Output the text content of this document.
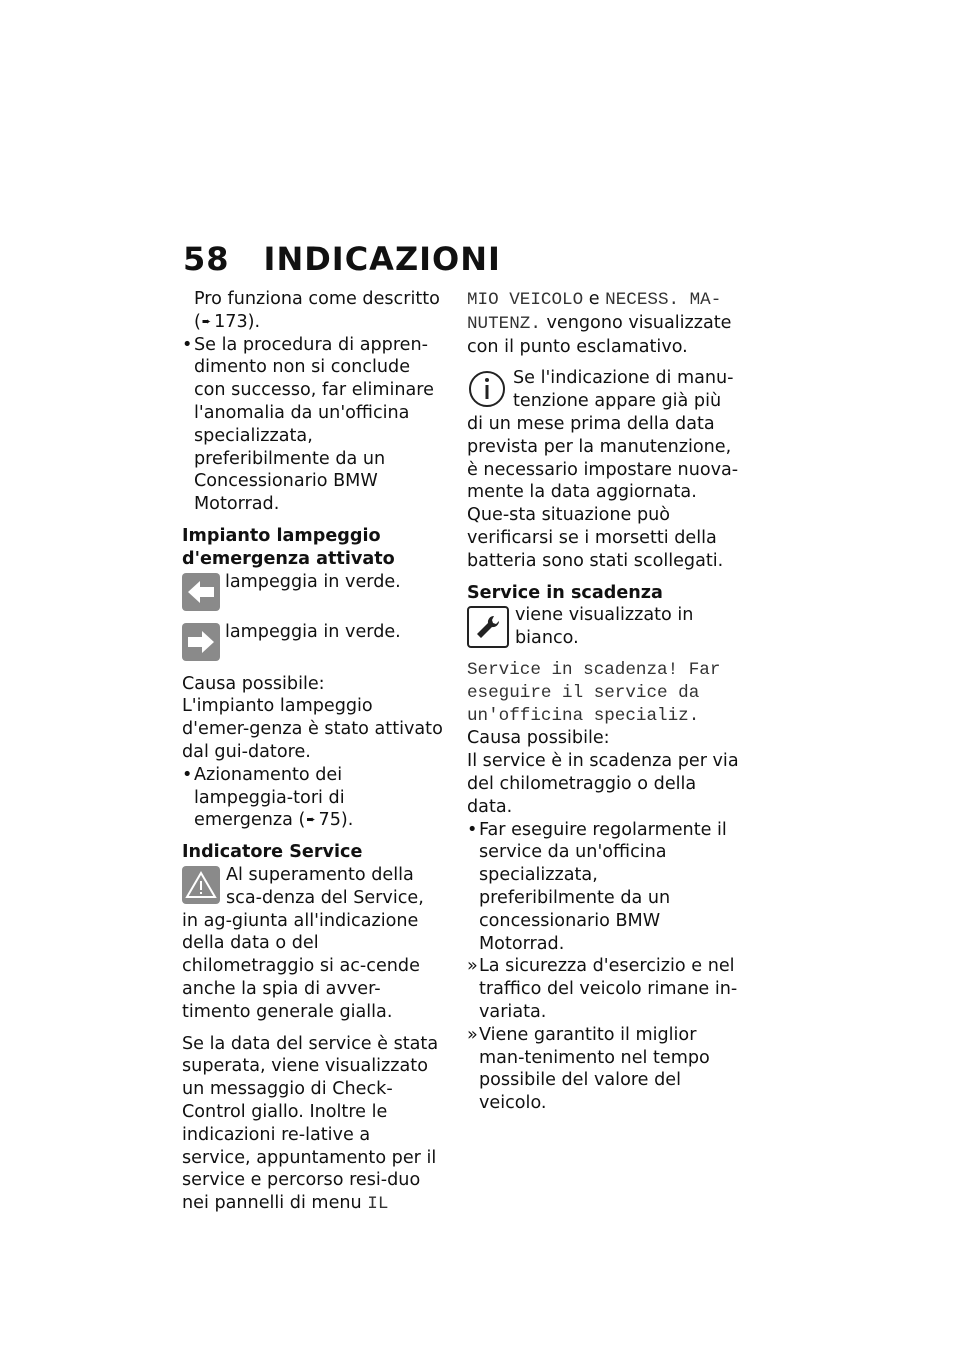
58 INDICAZIONI

Pro funziona come descritto
(➨ 173).

• Se la procedura di appren-dimento non si conclude con successo, far eliminare l'anomalia da un'officina specializzata, preferibilmente da un Concessionario BMW Motorrad.

Impianto lampeggio d'emergenza attivato

lampeggia in verde.
lampeggia in verde.

Causa possibile:

L'impianto lampeggio d'emer-genza è stato attivato dal gui-datore.

• Azionamento dei lampeggia-tori di emergenza (➨ 75).

Indicatore Service

Al superamento della sca-denza del Service, in ag-giunta all'indicazione della data o del chilometraggio si ac-cende anche la spia di avver-timento generale gialla.

Se la data del service è stata superata, viene visualizzato un messaggio di Check-Control giallo. Inoltre le indicazioni re-lative a service, appuntamento per il service e percorso resi-duo nei pannelli di menu IL

MIO VEICOLO e NECESS. MA-NUTENZ. vengono visualizzate con il punto esclamativo.

Se l'indicazione di manu-tenzione appare già più di un mese prima della data prevista per la manutenzione, è necessario impostare nuova-mente la data aggiornata. Que-sta situazione può verificarsi se i morsetti della batteria sono stati scollegati.

Service in scadenza

viene visualizzato in bianco.

Service in scadenza! Far eseguire il service da un'officina specializ.

Causa possibile:

Il service è in scadenza per via del chilometraggio o della data.

• Far eseguire regolarmente il service da un'officina specializzata, preferibilmente da un concessionario BMW Motorrad.

» La sicurezza d'esercizio e nel traffico del veicolo rimane in-variata.

» Viene garantito il miglior man-tenimento nel tempo possibile del valore del veicolo.
